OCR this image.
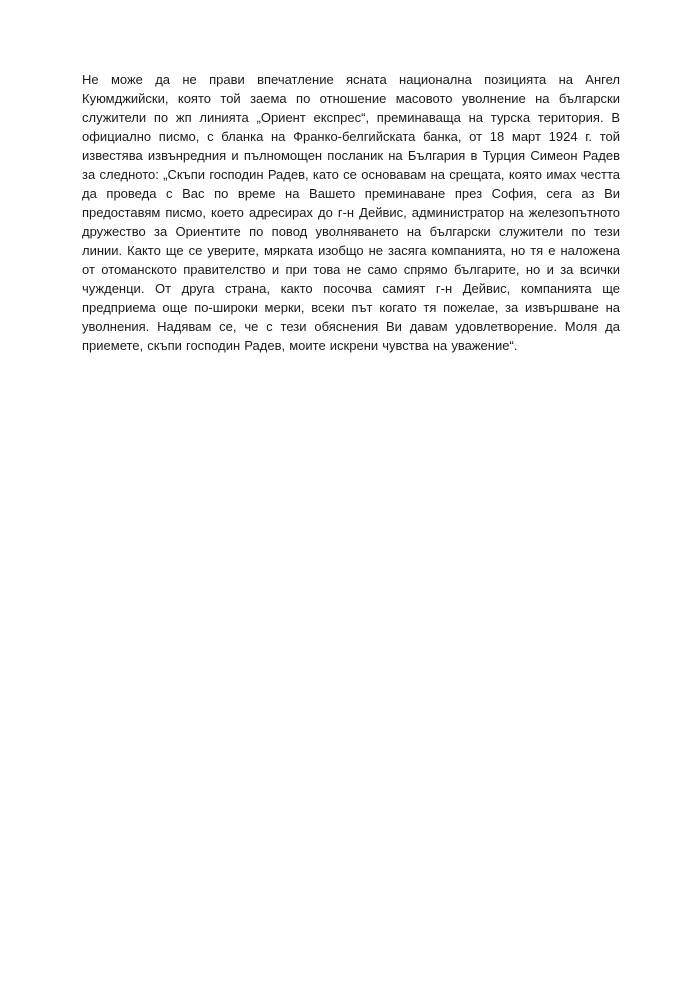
Не може да не прави впечатление ясната национална позицията на Ангел Куюмджийски, която той заема по отношение масовото уволнение на български служители по жп линията „Ориент експрес“, преминаваща на турска територия. В официално писмо, с бланка на Франко-белгийската банка, от 18 март 1924 г. той известява извънредния и пълномощен посланик на България в Турция Симеон Радев за следното: „Скъпи господин Радев, като се основавам на срещата, която имах честта да проведа с Вас по време на Вашето преминаване през София, сега аз Ви предоставям писмо, което адресирах до г-н Дейвис, администратор на железопътното дружество за Ориентите по повод уволняването на български служители по тези линии. Както ще се уверите, мярката изобщо не засяга компанията, но тя е наложена от отоманското правителство и при това не само спрямо българите, но и за всички чужденци. От друга страна, както посочва самият г-н Дейвис, компанията ще предприема още по-широки мерки, всеки път когато тя пожелае, за извършване на уволнения. Надявам се, че с тези обяснения Ви давам удовлетворение. Моля да приемете, скъпи господин Радев, моите искрени чувства на уважение“.
